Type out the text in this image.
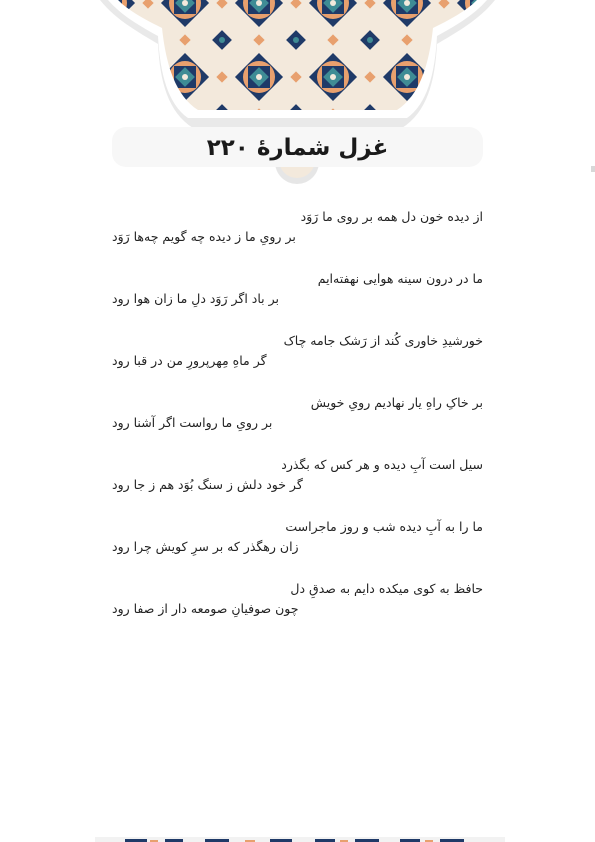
غزل شمارهٔ ۲۲۰
از دیده خون دل همه بر روی ما رَوَد
بر رویِ ما ز دیده چه گویم چه‌ها رَوَد
ما در درون سینه هوایی نهفته‌ایم
بر باد اگر رَوَد دلِ ما زان هوا رود
خورشیدِ خاوری کُند از رَشک جامه چاک
گر ماهِ مِهرپرورِ من در قبا رود
بر خاکِ راهِ یار نهادیم رویِ خویش
بر رویِ ما رواست اگر آشنا رود
سیل است آبِ دیده و هر کس که بگذرد
گر خود دلش ز سنگ بُوَد هم ز جا رود
ما را به آبِ دیده شب و روز ماجراست
زان رهگذر که بر سرِ کویش چرا رود
حافظ به کوی میکده دایم به صدقِ دل
چون صوفیانِ صومعه دار از صفا رود
